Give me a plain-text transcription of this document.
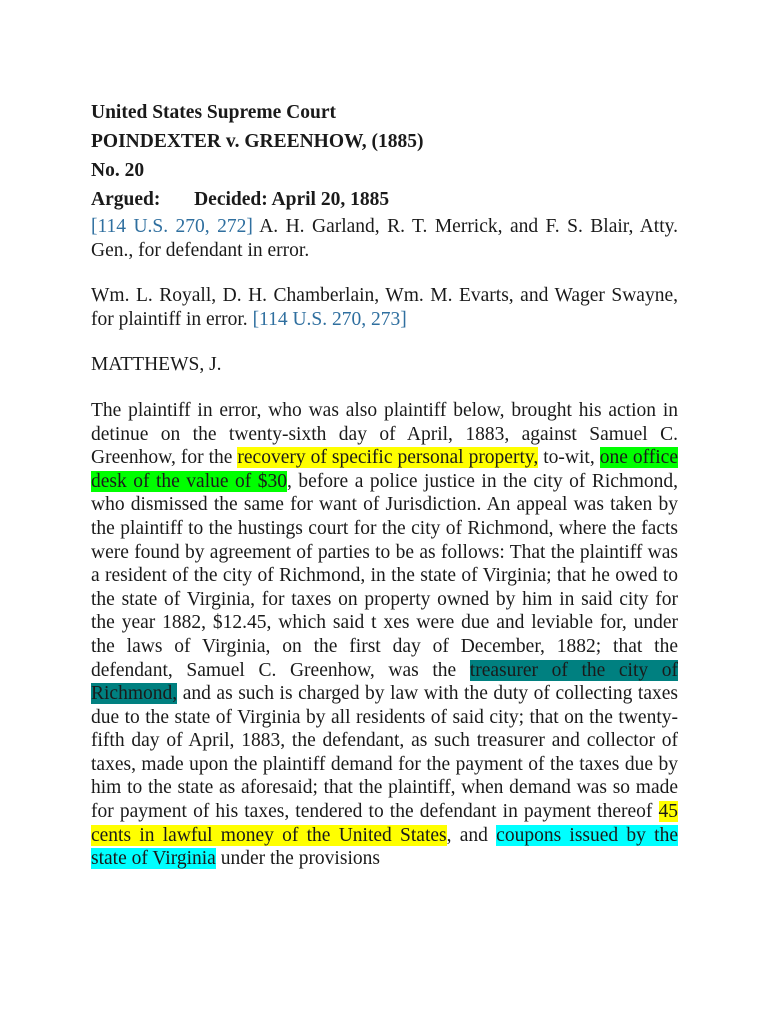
United States Supreme Court
POINDEXTER v. GREENHOW, (1885)
No. 20
Argued: Decided: April 20, 1885

[114 U.S. 270, 272] A. H. Garland, R. T. Merrick, and F. S. Blair, Atty. Gen., for defendant in error.

Wm. L. Royall, D. H. Chamberlain, Wm. M. Evarts, and Wager Swayne, for plaintiff in error. [114 U.S. 270, 273]

MATTHEWS, J.

The plaintiff in error, who was also plaintiff below, brought his action in detinue on the twenty-sixth day of April, 1883, against Samuel C. Greenhow, for the recovery of specific personal property, to-wit, one office desk of the value of $30, before a police justice in the city of Richmond, who dismissed the same for want of Jurisdiction. An appeal was taken by the plaintiff to the hustings court for the city of Richmond, where the facts were found by agreement of parties to be as follows: That the plaintiff was a resident of the city of Richmond, in the state of Virginia; that he owed to the state of Virginia, for taxes on property owned by him in said city for the year 1882, $12.45, which said t xes were due and leviable for, under the laws of Virginia, on the first day of December, 1882; that the defendant, Samuel C. Greenhow, was the treasurer of the city of Richmond, and as such is charged by law with the duty of collecting taxes due to the state of Virginia by all residents of said city; that on the twenty-fifth day of April, 1883, the defendant, as such treasurer and collector of taxes, made upon the plaintiff demand for the payment of the taxes due by him to the state as aforesaid; that the plaintiff, when demand was so made for payment of his taxes, tendered to the defendant in payment thereof 45 cents in lawful money of the United States, and coupons issued by the state of Virginia under the provisions
